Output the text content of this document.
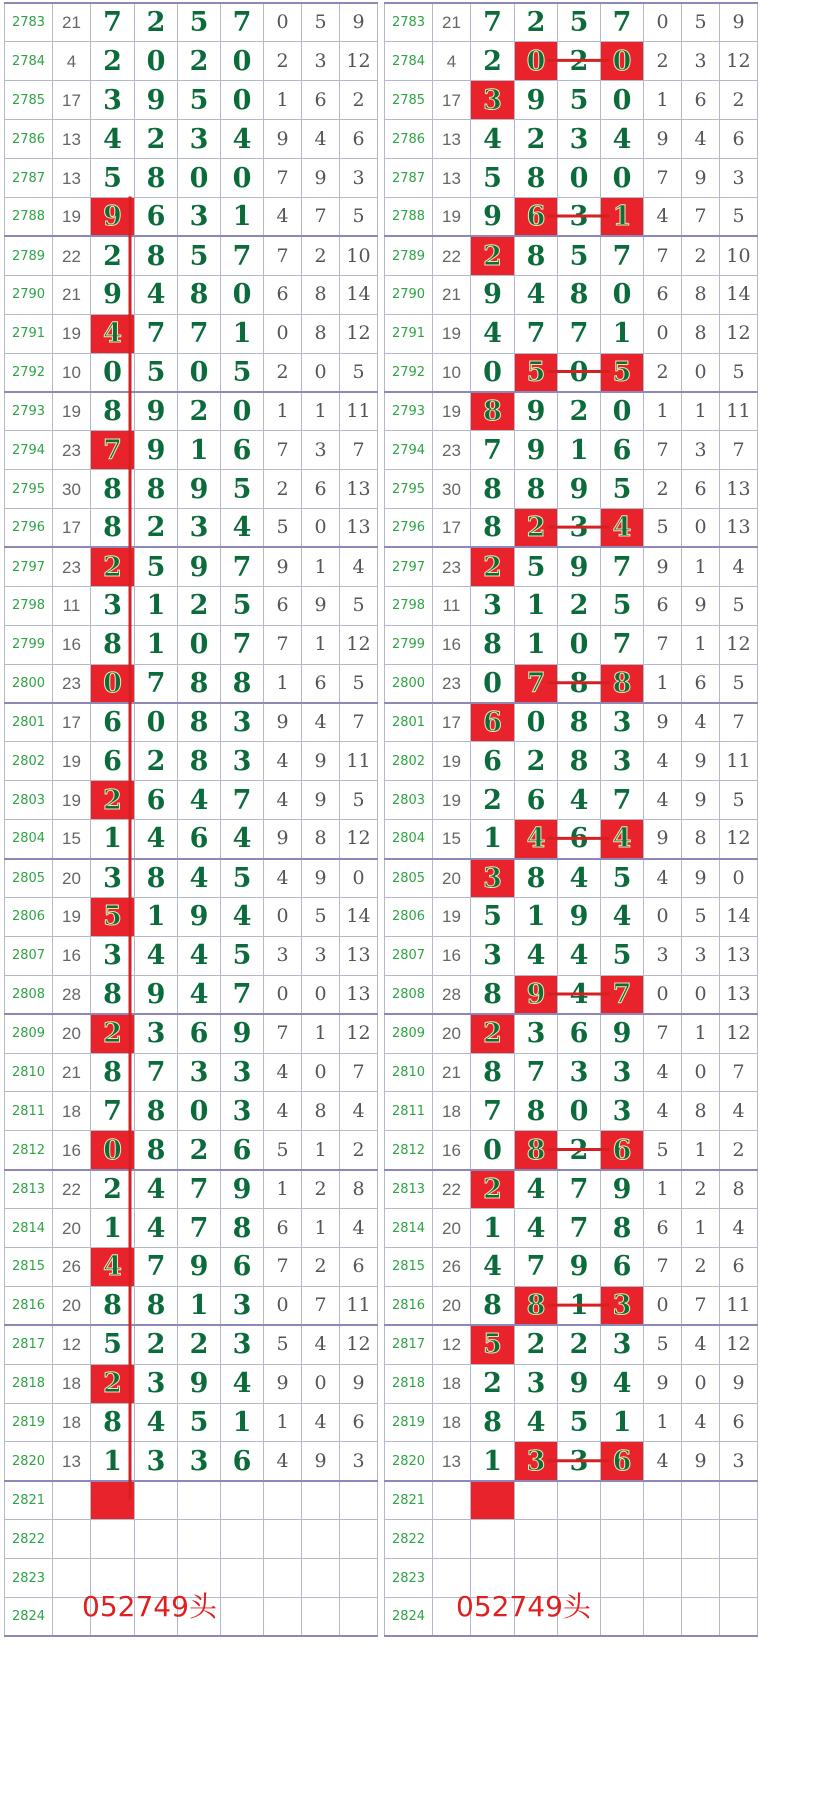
2783	21	7	2	5	7	0	5	9
2784	4	2	0	2	0	2	3	12
2785	17	3	9	5	0	1	6	2
2786	13	4	2	3	4	9	4	6
2787	13	5	8	0	0	7	9	3
2788	19	9	6	3	1	4	7	5
2789	22	2	8	5	7	7	2	10
2790	21	9	4	8	0	6	8	14
2791	19	4	7	7	1	0	8	12
2792	10	0	5	0	5	2	0	5
2793	19	8	9	2	0	1	1	11
2794	23	7	9	1	6	7	3	7
2795	30	8	8	9	5	2	6	13
2796	17	8	2	3	4	5	0	13
2797	23	2	5	9	7	9	1	4
2798	11	3	1	2	5	6	9	5
2799	16	8	1	0	7	7	1	12
2800	23	0	7	8	8	1	6	5
2801	17	6	0	8	3	9	4	7
2802	19	6	2	8	3	4	9	11
2803	19	2	6	4	7	4	9	5
2804	15	1	4	6	4	9	8	12
2805	20	3	8	4	5	4	9	0
2806	19	5	1	9	4	0	5	14
2807	16	3	4	4	5	3	3	13
2808	28	8	9	4	7	0	0	13
2809	20	2	3	6	9	7	1	12
2810	21	8	7	3	3	4	0	7
2811	18	7	8	0	3	4	8	4
2812	16	0	8	2	6	5	1	2
2813	22	2	4	7	9	1	2	8
2814	20	1	4	7	8	6	1	4
2815	26	4	7	9	6	7	2	6
2816	20	8	8	1	3	0	7	11
2817	12	5	2	2	3	5	4	12
2818	18	2	3	9	4	9	0	9
2819	18	8	4	5	1	1	4	6
2820	13	1	3	3	6	4	9	3
2821								
2822								
2823								
2824								
2783	21	7	2	5	7	0	5	9
2784	4	2	0	2	0	2	3	12
2785	17	3	9	5	0	1	6	2
2786	13	4	2	3	4	9	4	6
2787	13	5	8	0	0	7	9	3
2788	19	9	6	3	1	4	7	5
2789	22	2	8	5	7	7	2	10
2790	21	9	4	8	0	6	8	14
2791	19	4	7	7	1	0	8	12
2792	10	0	5	0	5	2	0	5
2793	19	8	9	2	0	1	1	11
2794	23	7	9	1	6	7	3	7
2795	30	8	8	9	5	2	6	13
2796	17	8	2	3	4	5	0	13
2797	23	2	5	9	7	9	1	4
2798	11	3	1	2	5	6	9	5
2799	16	8	1	0	7	7	1	12
2800	23	0	7	8	8	1	6	5
2801	17	6	0	8	3	9	4	7
2802	19	6	2	8	3	4	9	11
2803	19	2	6	4	7	4	9	5
2804	15	1	4	6	4	9	8	12
2805	20	3	8	4	5	4	9	0
2806	19	5	1	9	4	0	5	14
2807	16	3	4	4	5	3	3	13
2808	28	8	9	4	7	0	0	13
2809	20	2	3	6	9	7	1	12
2810	21	8	7	3	3	4	0	7
2811	18	7	8	0	3	4	8	4
2812	16	0	8	2	6	5	1	2
2813	22	2	4	7	9	1	2	8
2814	20	1	4	7	8	6	1	4
2815	26	4	7	9	6	7	2	6
2816	20	8	8	1	3	0	7	11
2817	12	5	2	2	3	5	4	12
2818	18	2	3	9	4	9	0	9
2819	18	8	4	5	1	1	4	6
2820	13	1	3	3	6	4	9	3
2821								
2822								
2823								
2824								
052749头	052749头
